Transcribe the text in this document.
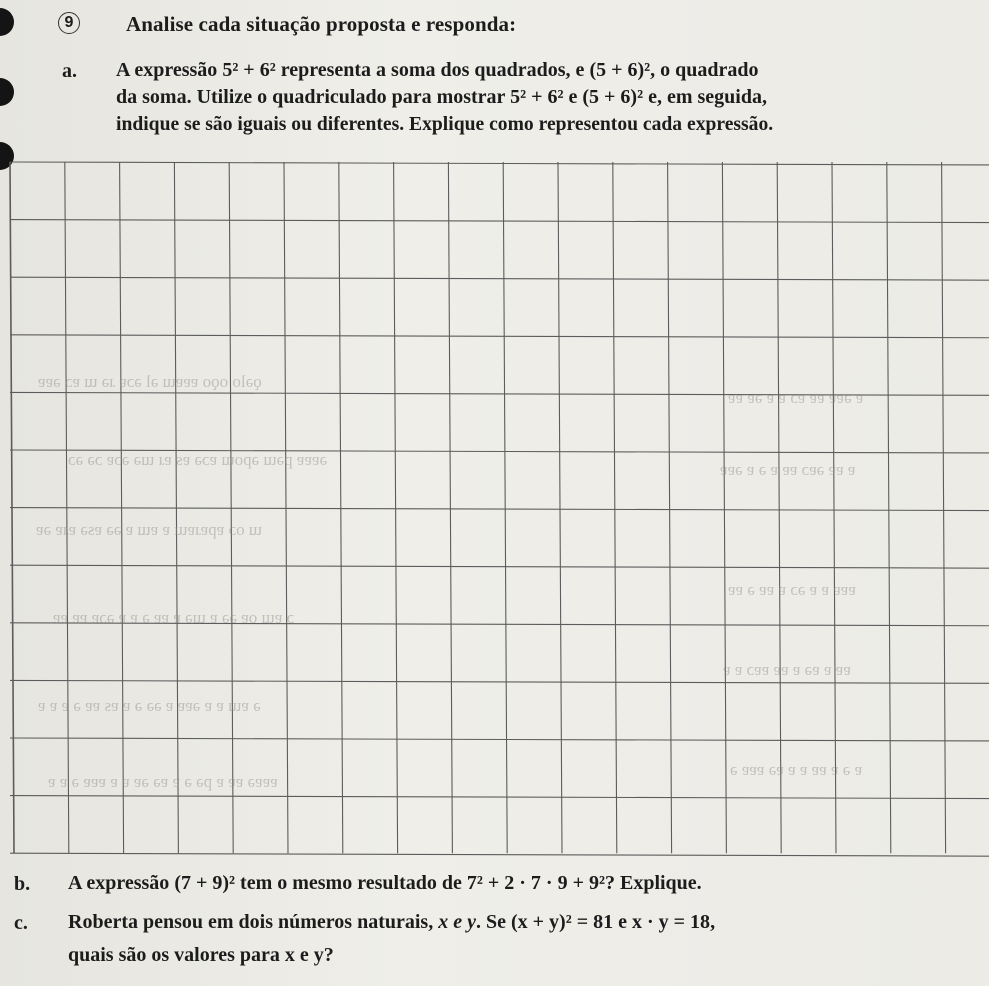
9	Analise cada situação proposta e responda:
a. A expressão 5² + 6² representa a soma dos quadrados, e (5 + 6)², o quadrado
da soma. Utilize o quadriculado para mostrar 5² + 6² e (5 + 6)² e, em seguida,
indique se são iguais ou diferentes. Explique como representou cada expressão.
ǫǝlo oǫo ɐɐɐɯ ǝl ǝɔɐ ɹǝ ɯ ɐɔ ǝɐɐ
ǝɐɐɐ pǝɯ ǝpoɯ ɐɔǝ ɐs ɐɹ ɯǝ ǝɔɐ ɔǝ ǝɔ
ɯ oɔ ɐpɐɹɐɯ ɐ ɐɯ ɐ ǝǝ ɐsǝ ɐɹɐ ǝɐ
ɔ ɐɯ oɐ ǝǝ ɐ ɯǝ ɐ ɐɐ ǝ ɐ ɐ ǝɔɐ ɐɐ ɐɐ
ǝ ɐɯ ɐ ɐ ǝɐɐ ɐ ǝǝ ǝ ɐ ɐs ɐɐ ǝ ɐ ɐ ɐ
ɐɐɐǝ ɐɐ ɐ pǝ ǝ ɐ ɐǝ ǝɐ ɐ ɐ ɐɐɐ ǝ ɐ ɐ
ɐ ǝɐɐ ɐɐ ɐɔ ɐ ɐ ǝɐ ɐɐ
ɐ ɐɐ ǝɐɔ ɐɐ ɐ ǝ ɐ ǝɐɐ
ɐɐɐ ɐ ɐ ǝɔ ɐ ɐɐ ǝ ɐɐ
ɐɐ ɐ ɐǝ ɐ ɐɐ ɐɐɔ ɐ ɐ
ɐ ǝ ɐ ɐɐ ɐ ɐ ɐǝ ɐɐɐ ǝ
b. A expressão (7 + 9)² tem o mesmo resultado de 7² + 2 · 7 · 9 + 9²? Explique.
c. Roberta pensou em dois números naturais, x e y. Se (x + y)² = 81 e x · y = 18,
quais são os valores para x e y?
